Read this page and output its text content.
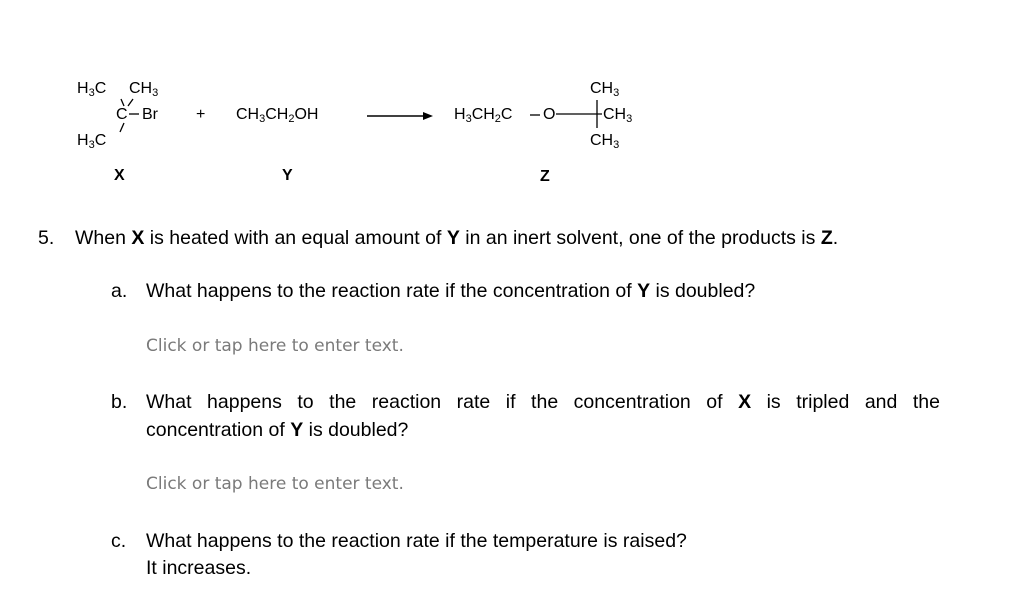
$H_3C$ $CH_3$
C Br
$H_3C$
+ $CH_3CH_2OH$	$H_3CH_2C$ O
$CH_3$
$CH_3$
$CH_3$
X	Y	Z
5. When X is heated with an equal amount of Y in an inert solvent, one of the products is Z.
a. What happens to the reaction rate if the concentration of Y is doubled?
Click or tap here to enter text.
b. What happens to the reaction rate if the concentration of X is tripled and the
concentration of Y is doubled?
Click or tap here to enter text.
c. What happens to the reaction rate if the temperature is raised?
It increases.
